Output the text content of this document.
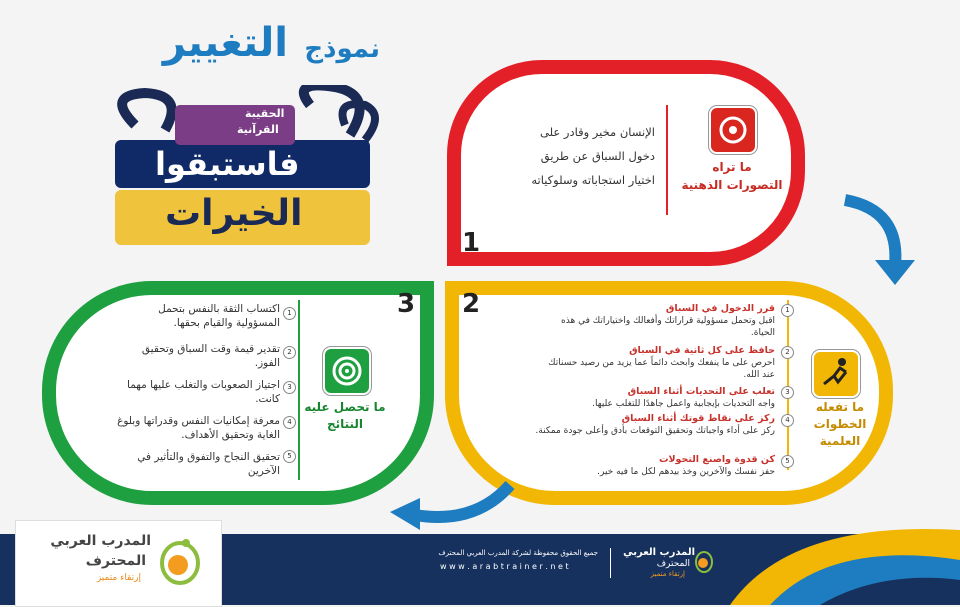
نموذج
التغيير
الحقيبة
القرآنية
فاستبقوا
الخيرات
1
ما تراه
التصورات الذهنية
الإنسان مخير وقادر على
دخول السباق عن طريق
اختيار استجاباته وسلوكياته
2
ما تفعله
الخطوات
العلمية
قرر الدخول في السباق
اقبل وتحمل مسؤولية قراراتك وأفعالك واختياراتك في هذه الحياة.
1
حافظ على كل ثانية في السباق
احرص على ما ينفعك وابحث دائماً عما يزيد من رصيد حسناتك عند الله.
2
تعلب على التحديات أثناء السباق
واجه التحديات بإيجابية واعمل جاهدًا للتغلب عليها.
3
ركز على نقاط قوتك أثناء السباق
ركز على أداء واجباتك وتحقيق التوقعات بأدق وأعلى جودة ممكنة.
4
كن قدوة واصنع التحولات
حفز نفسك والآخرين وخذ بيدهم لكل ما فيه خير.
5
3
ما تحصل عليه
النتائج
اكتساب الثقة بالنفس بتحمل المسؤولية والقيام بحقها.
تقدير قيمة وقت السباق وتحقيق الفوز.
اجتياز الصعوبات والتغلب عليها مهما كانت.
معرفة إمكانيات النفس وقدراتها وبلوغ الغاية وتحقيق الأهداف.
تحقيق النجاح والتفوق والتأثير في الآخرين
1
2
3
4
5
المدرب العربي
المحترف
إرتقاء متميز
جميع الحقوق محفوظة لشركة المدرب العربي المحترف
w w w . a r a b t r a i n e r . n e t
المدرب العربي
المحترف
إرتقاء متميز
